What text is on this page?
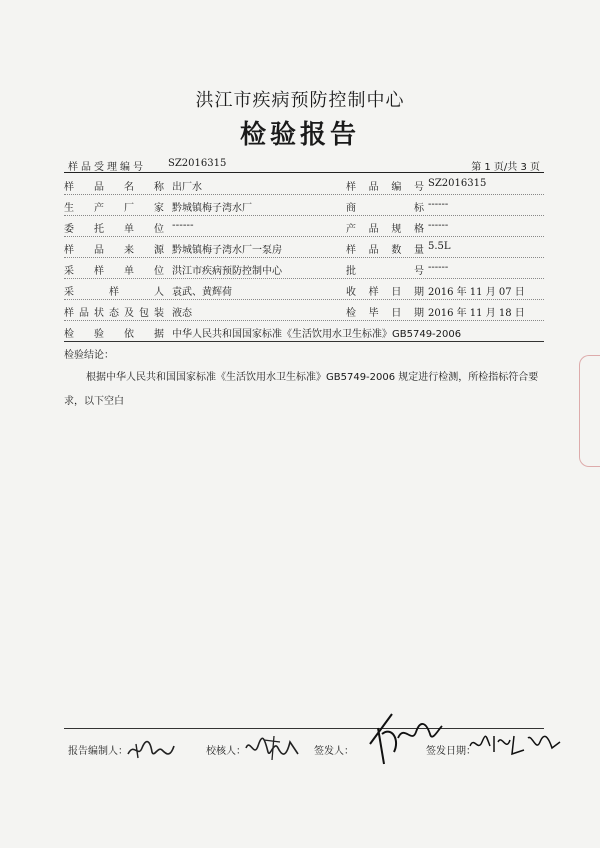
洪江市疾病预防控制中心
检验报告
样品受理编号 SZ2016315	第 1 页/共 3 页
样品名称 出厂水	样品编号 SZ2016315
生产厂家 黔城镇梅子湾水厂	商标 ------
委托单位 ------	产品规格 ------
样品来源 黔城镇梅子湾水厂一泵房	样品数量 5.5L
采样单位 洪江市疾病预防控制中心	批号 ------
采样人 袁武、黄辉荷	收样日期 2016 年 11 月 07 日
样品状态及包装 液态	检毕日期 2016 年 11 月 18 日
检验依据 中华人民共和国国家标准《生活饮用水卫生标准》GB5749-2006
检验结论：
根据中华人民共和国国家标准《生活饮用水卫生标准》GB5749-2006 规定进行检测，所检指标符合要求，以下空白
报告编制人：	校核人：	签发人：	签发日期：
